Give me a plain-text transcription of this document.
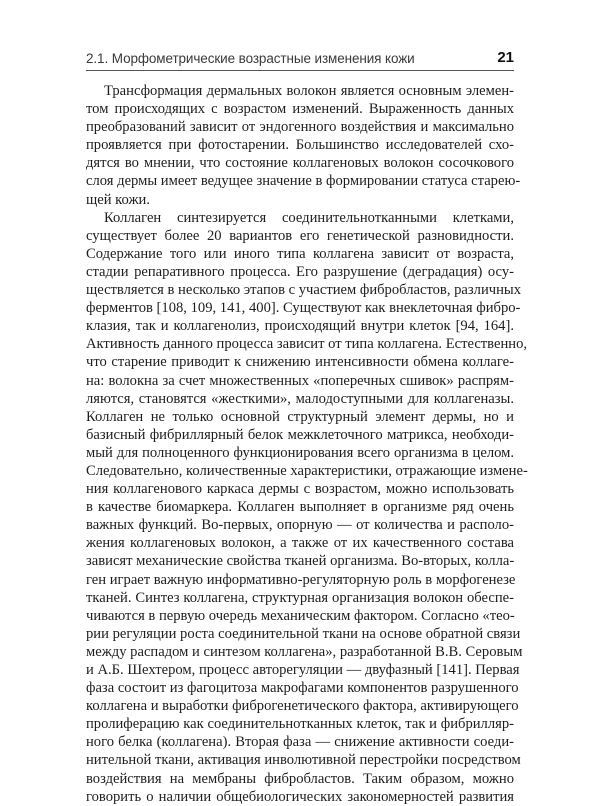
2.1. Морфометрические возрастные изменения кожи	21
Трансформация дермальных волокон является основным элемен-
том происходящих с возрастом изменений. Выраженность данных
преобразований зависит от эндогенного воздействия и максимально
проявляется при фотостарении. Большинство исследователей схо-
дятся во мнении, что состояние коллагеновых волокон сосочкового
слоя дермы имеет ведущее значение в формировании статуса старею-
щей кожи.
Коллаген синтезируется соединительнотканными клетками,
существует более 20 вариантов его генетической разновидности.
Содержание того или иного типа коллагена зависит от возраста,
стадии репаративного процесса. Его разрушение (деградация) осу-
ществляется в несколько этапов с участием фибробластов, различных
ферментов [108, 109, 141, 400]. Существуют как внеклеточная фибро-
клазия, так и коллагенолиз, происходящий внутри клеток [94, 164].
Активность данного процесса зависит от типа коллагена. Естественно,
что старение приводит к снижению интенсивности обмена коллаге-
на: волокна за счет множественных «поперечных сшивок» распрям-
ляются, становятся «жесткими», малодоступными для коллагеназы.
Коллаген не только основной структурный элемент дермы, но и
базисный фибриллярный белок межклеточного матрикса, необходи-
мый для полноценного функционирования всего организма в целом.
Следовательно, количественные характеристики, отражающие измене-
ния коллагенового каркаса дермы с возрастом, можно использовать
в качестве биомаркера. Коллаген выполняет в организме ряд очень
важных функций. Во-первых, опорную — от количества и располо-
жения коллагеновых волокон, а также от их качественного состава
зависят механические свойства тканей организма. Во-вторых, колла-
ген играет важную информативно-регуляторную роль в морфогенезе
тканей. Синтез коллагена, структурная организация волокон обеспе-
чиваются в первую очередь механическим фактором. Согласно «тео-
рии регуляции роста соединительной ткани на основе обратной связи
между распадом и синтезом коллагена», разработанной В.В. Серовым
и А.Б. Шехтером, процесс авторегуляции — двуфазный [141]. Первая
фаза состоит из фагоцитоза макрофагами компонентов разрушенного
коллагена и выработки фиброгенетического фактора, активирующего
пролиферацию как соединительнотканных клеток, так и фибрилляр-
ного белка (коллагена). Вторая фаза — снижение активности соеди-
нительной ткани, активация инволютивной перестройки посредством
воздействия на мембраны фибробластов. Таким образом, можно
говорить о наличии общебиологических закономерностей развития
